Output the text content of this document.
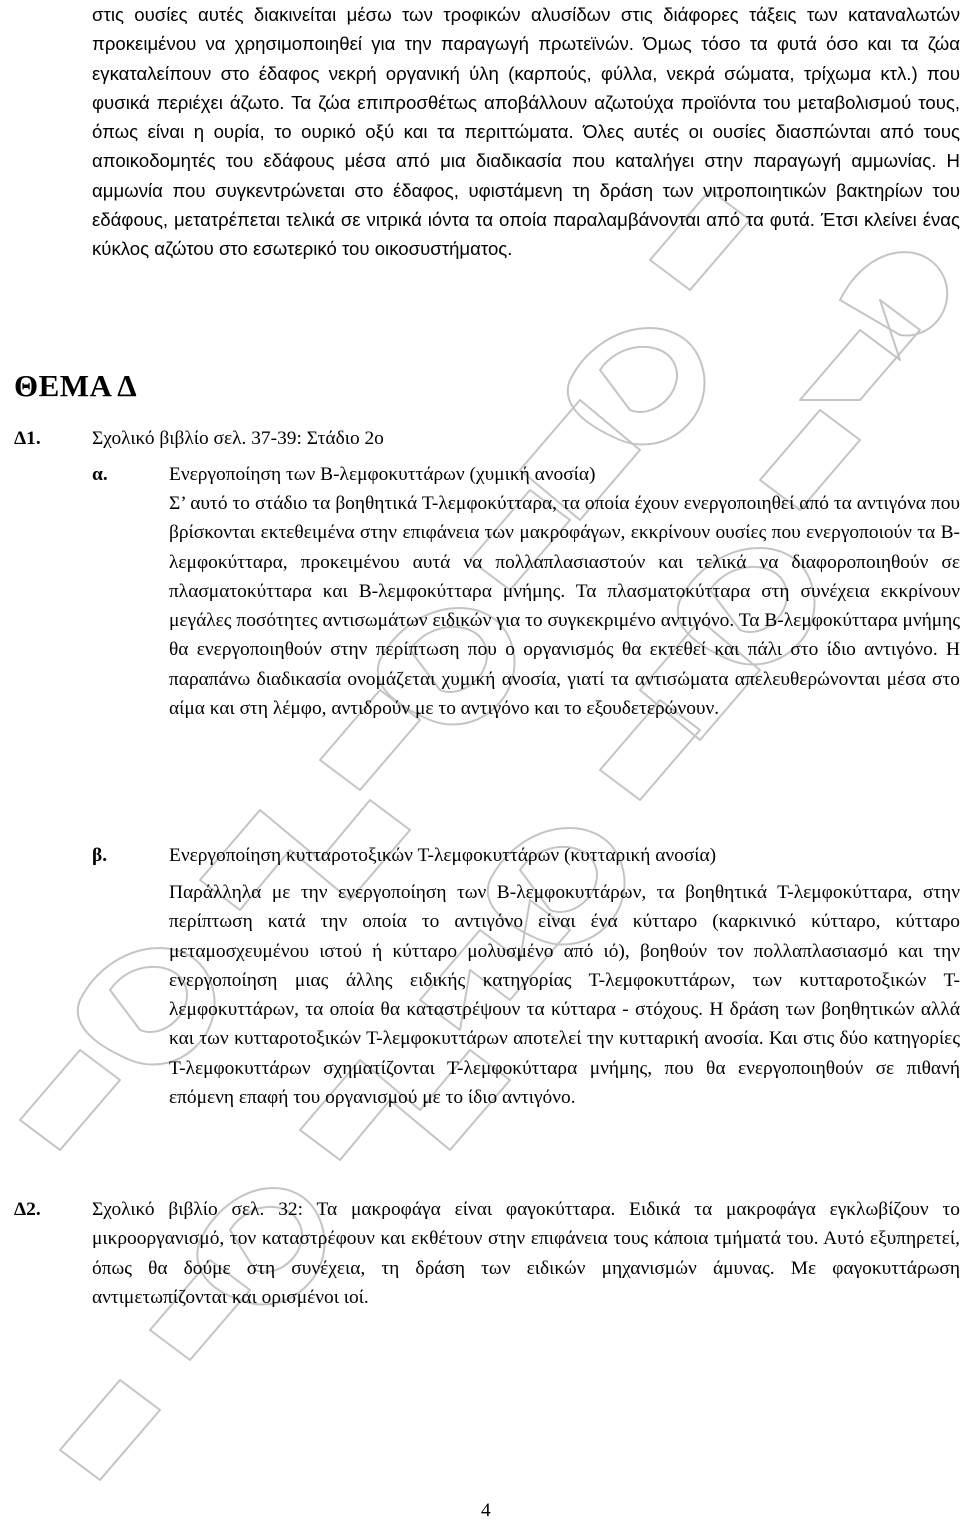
στις ουσίες αυτές διακινείται μέσω των τροφικών αλυσίδων στις διάφορες τάξεις των καταναλωτών προκειμένου να χρησιμοποιηθεί για την παραγωγή πρωτεϊνών. Όμως τόσο τα φυτά όσο και τα ζώα εγκαταλείπουν στο έδαφος νεκρή οργανική ύλη (καρπούς, φύλλα, νεκρά σώματα, τρίχωμα κτλ.) που φυσικά περιέχει άζωτο. Τα ζώα επιπροσθέτως αποβάλλουν αζωτούχα προϊόντα του μεταβολισμού τους, όπως είναι η ουρία, το ουρικό οξύ και τα περιττώματα. Όλες αυτές οι ουσίες διασπώνται από τους αποικοδομητές του εδάφους μέσα από μια διαδικασία που καταλήγει στην παραγωγή αμμωνίας. Η αμμωνία που συγκεντρώνεται στο έδαφος, υφιστάμενη τη δράση των νιτροποιητικών βακτηρίων του εδάφους, μετατρέπεται τελικά σε νιτρικά ιόντα τα οποία παραλαμβάνονται από τα φυτά. Έτσι κλείνει ένας κύκλος αζώτου στο εσωτερικό του οικοσυστήματος.
ΘΕΜΑ Δ
Δ1.	Σχολικό βιβλίο σελ. 37-39: Στάδιο 2ο
α.	Ενεργοποίηση των Β-λεμφοκυττάρων (χυμική ανοσία)
Σ’ αυτό το στάδιο τα βοηθητικά Τ-λεμφοκύτταρα, τα οποία έχουν ενεργοποιηθεί από τα αντιγόνα που βρίσκονται εκτεθειμένα στην επιφάνεια των μακροφάγων, εκκρίνουν ουσίες που ενεργοποιούν τα Β-λεμφοκύτταρα, προκειμένου αυτά να πολλαπλασιαστούν και τελικά να διαφοροποιηθούν σε πλασματοκύτταρα και Β-λεμφοκύτταρα μνήμης. Τα πλασματοκύτταρα στη συνέχεια εκκρίνουν μεγάλες ποσότητες αντισωμάτων ειδικών για το συγκεκριμένο αντιγόνο. Τα Β-λεμφοκύτταρα μνήμης θα ενεργοποιηθούν στην περίπτωση που ο οργανισμός θα εκτεθεί και πάλι στο ίδιο αντιγόνο. Η παραπάνω διαδικασία ονομάζεται χυμική ανοσία, γιατί τα αντισώματα απελευθερώνονται μέσα στο αίμα και στη λέμφο, αντιδρούν με το αντιγόνο και το εξουδετερώνουν.
β.	Ενεργοποίηση κυτταροτοξικών Τ-λεμφοκυττάρων (κυτταρική ανοσία)
Παράλληλα με την ενεργοποίηση των Β-λεμφοκυττάρων, τα βοηθητικά Τ-λεμφοκύτταρα, στην περίπτωση κατά την οποία το αντιγόνο είναι ένα κύτταρο (καρκινικό κύτταρο, κύτταρο μεταμοσχευμένου ιστού ή κύτταρο μολυσμένο από ιό), βοηθούν τον πολλαπλασιασμό και την ενεργοποίηση μιας άλλης ειδικής κατηγορίας Τ-λεμφοκυττάρων, των κυτταροτοξικών Τ-λεμφοκυττάρων, τα οποία θα καταστρέψουν τα κύτταρα - στόχους. Η δράση των βοηθητικών αλλά και των κυτταροτοξικών Τ-λεμφοκυττάρων αποτελεί την κυτταρική ανοσία. Και στις δύο κατηγορίες Τ-λεμφοκυττάρων σχηματίζονται Τ-λεμφοκύτταρα μνήμης, που θα ενεργοποιηθούν σε πιθανή επόμενη επαφή του οργανισμού με το ίδιο αντιγόνο.
Δ2.	Σχολικό βιβλίο σελ. 32: Τα μακροφάγα είναι φαγοκύτταρα. Ειδικά τα μακροφάγα εγκλωβίζουν το μικροοργανισμό, τον καταστρέφουν και εκθέτουν στην επιφάνεια τους κάποια τμήματά του. Αυτό εξυπηρετεί, όπως θα δούμε στη συνέχεια, τη δράση των ειδικών μηχανισμών άμυνας. Με φαγοκυττάρωση αντιμετωπίζονται και ορισμένοι ιοί.
4
